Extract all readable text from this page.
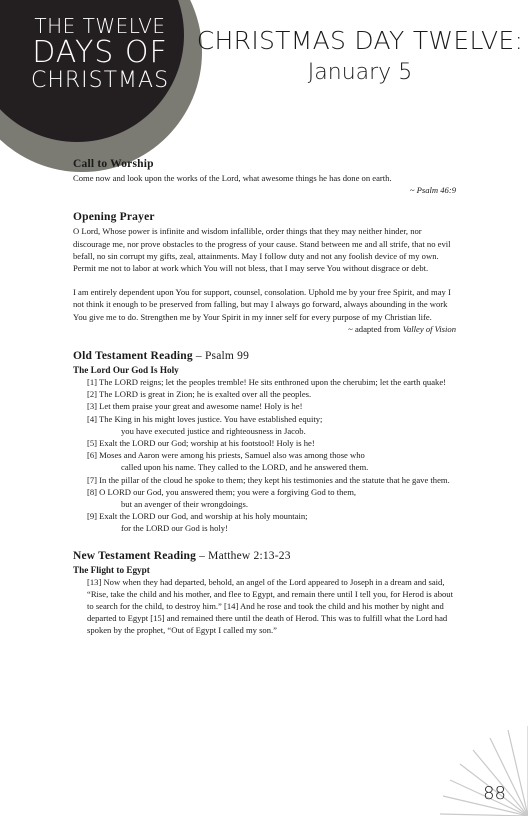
THE TWELVE
DAYS OF
CHRISTMAS
CHRISTMAS DAY TWELVE:
January 5
Call to Worship

Come now and look upon the works of the Lord, what awesome things he has done on earth.

~ Psalm 46:9

Opening Prayer

O Lord, Whose power is infinite and wisdom infallible, order things that they may neither hinder, nor discourage me, nor prove obstacles to the progress of your cause. Stand between me and all strife, that no evil befall, no sin corrupt my gifts, zeal, attainments. May I follow duty and not any foolish device of my own. Permit me not to labor at work which You will not bless, that I may serve You without disgrace or debt.

I am entirely dependent upon You for support, counsel, consolation. Uphold me by your free Spirit, and may I not think it enough to be preserved from falling, but may I always go forward, always abounding in the work You give me to do. Strengthen me by Your Spirit in my inner self for every purpose of my Christian life.

~ adapted from Valley of Vision

Old Testament Reading – Psalm 99
The Lord Our God Is Holy

[1] The LORD reigns; let the peoples tremble! He sits enthroned upon the cherubim; let the earth quake!

[2] The LORD is great in Zion; he is exalted over all the peoples.

[3] Let them praise your great and awesome name! Holy is he!

[4] The King in his might loves justice. You have established equity;

you have executed justice and righteousness in Jacob.

[5] Exalt the LORD our God; worship at his footstool! Holy is he!

[6] Moses and Aaron were among his priests, Samuel also was among those who

called upon his name. They called to the LORD, and he answered them.

[7] In the pillar of the cloud he spoke to them; they kept his testimonies and the statute that he gave them.

[8] O LORD our God, you answered them; you were a forgiving God to them,

but an avenger of their wrongdoings.

[9] Exalt the LORD our God, and worship at his holy mountain;

for the LORD our God is holy!

New Testament Reading – Matthew 2:13-23
The Flight to Egypt

[13] Now when they had departed, behold, an angel of the Lord appeared to Joseph in a dream and said, “Rise, take the child and his mother, and flee to Egypt, and remain there until I tell you, for Herod is about to search for the child, to destroy him.” [14] And he rose and took the child and his mother by night and departed to Egypt [15] and remained there until the death of Herod. This was to fulfill what the Lord had spoken by the prophet, “Out of Egypt I called my son.”

88
